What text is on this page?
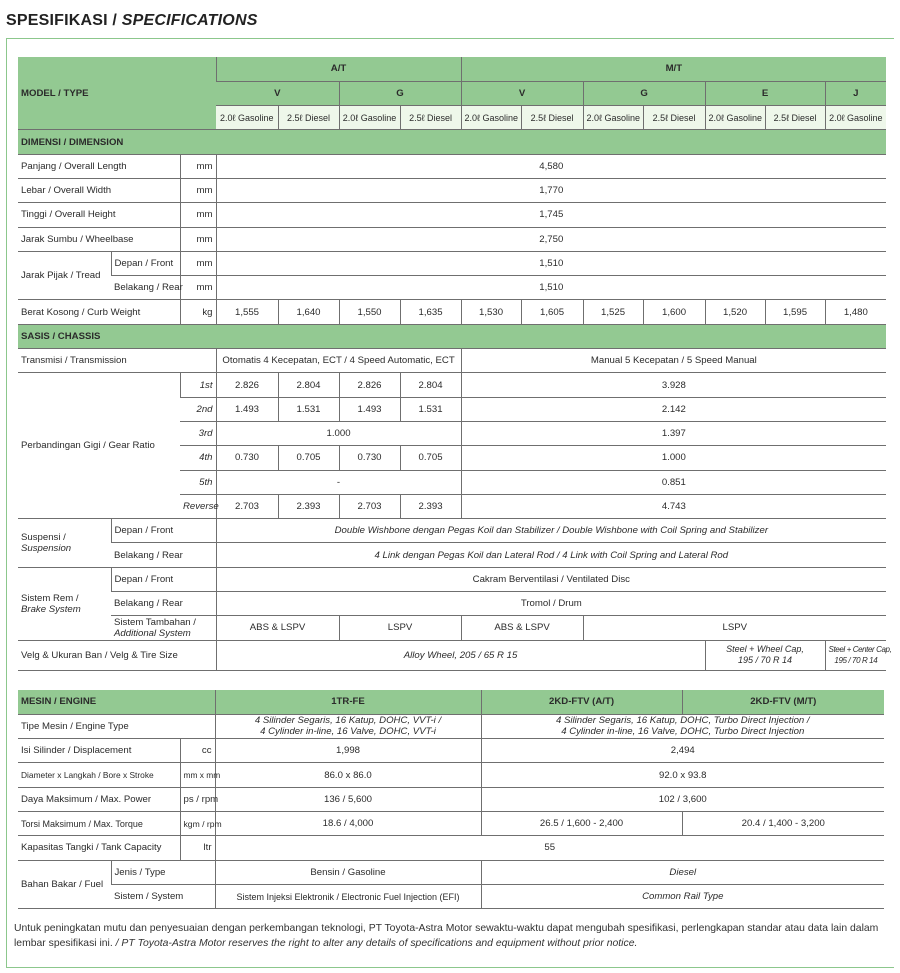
SPESIFIKASI / SPECIFICATIONS
MODEL / TYPE			A/T				M/T						
			V		G		V		G		E		J
			2.0ℓ Gasoline	2.5ℓ Diesel	2.0ℓ Gasoline	2.5ℓ Diesel	2.0ℓ Gasoline	2.5ℓ Diesel	2.0ℓ Gasoline	2.5ℓ Diesel	2.0ℓ Gasoline	2.5ℓ Diesel	2.0ℓ Gasoline
DIMENSI / DIMENSION													
Panjang / Overall Length		mm	4,580										
Lebar / Overall Width		mm	1,770										
Tinggi / Overall Height		mm	1,745										
Jarak Sumbu / Wheelbase		mm	2,750										
Jarak Pijak / Tread	Depan / Front	mm	1,510										
	Belakang / Rear	mm	1,510										
Berat Kosong / Curb Weight		kg	1,555	1,640	1,550	1,635	1,530	1,605	1,525	1,600	1,520	1,595	1,480
SASIS / CHASSIS													
Transmisi / Transmission			Otomatis 4 Kecepatan, ECT / 4 Speed Automatic, ECT				Manual 5 Kecepatan / 5 Speed Manual						
Perbandingan Gigi / Gear Ratio		1st	2.826	2.804	2.826	2.804	3.928						
		2nd	1.493	1.531	1.493	1.531	2.142						
		3rd	1.000				1.397						
		4th	0.730	0.705	0.730	0.705	1.000						
		5th	-				0.851						
		Reverse	2.703	2.393	2.703	2.393	4.743						
Suspensi /
Suspension	Depan / Front		Double Wishbone dengan Pegas Koil dan Stabilizer / Double Wishbone with Coil Spring and Stabilizer										
	Belakang / Rear		4 Link dengan Pegas Koil dan Lateral Rod / 4 Link with Coil Spring and Lateral Rod										
Sistem Rem /
Brake System	Depan / Front		Cakram Berventilasi / Ventilated Disc										
	Belakang / Rear		Tromol / Drum										
	Sistem Tambahan /
Additional System		ABS & LSPV		LSPV		ABS & LSPV		LSPV				
Velg & Ukuran Ban / Velg & Tire Size			Alloy Wheel, 205 / 65 R 15								Steel + Wheel Cap,
195 / 70 R 14		Steel + Center Cap,
195 / 70 R 14
MESIN / ENGINE			1TR-FE	2KD-FTV (A/T)	2KD-FTV (M/T)
Tipe Mesin / Engine Type			4 Silinder Segaris, 16 Katup, DOHC, VVT-i /
4 Cylinder in-line, 16 Valve, DOHC, VVT-i	4 Silinder Segaris, 16 Katup, DOHC, Turbo Direct Injection /
4 Cylinder in-line, 16 Valve, DOHC, Turbo Direct Injection	
Isi Silinder / Displacement		cc	1,998	2,494	
Diameter x Langkah / Bore x Stroke		mm x mm	86.0 x 86.0	92.0 x 93.8	
Daya Maksimum / Max. Power		ps / rpm	136 / 5,600	102 / 3,600	
Torsi Maksimum / Max. Torque		kgm / rpm	18.6 / 4,000	26.5 / 1,600 - 2,400	20.4 / 1,400 - 3,200
Kapasitas Tangki / Tank Capacity		ltr	55		
Bahan Bakar / Fuel	Jenis / Type		Bensin / Gasoline	Diesel	
	Sistem / System		Sistem Injeksi Elektronik / Electronic Fuel Injection (EFI)	Common Rail Type	
Untuk peningkatan mutu dan penyesuaian dengan perkembangan teknologi, PT Toyota-Astra Motor sewaktu-waktu dapat mengubah spesifikasi, perlengkapan standar atau data lain dalam lembar spesifikasi ini. / PT Toyota-Astra Motor reserves the right to alter any details of specifications and equipment without prior notice.
